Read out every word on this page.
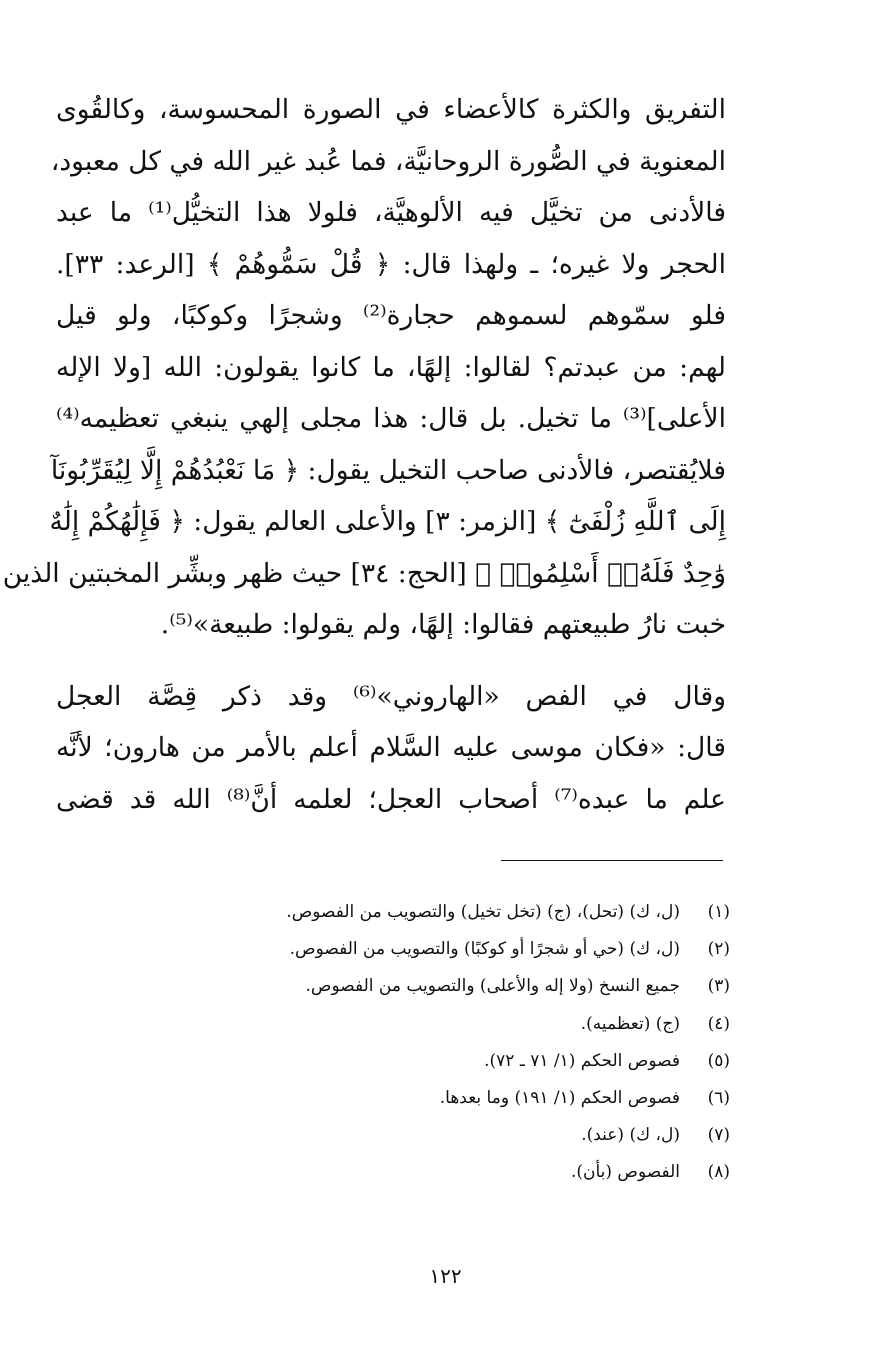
التفريق والكثرة كالأعضاء في الصورة المحسوسة، وكالقُوى
المعنوية في الصُّورة الروحانيَّة، فما عُبد غير الله في كل معبود،
فالأدنى من تخيَّل فيه الألوهيَّة، فلولا هذا التخيُّل⁽¹⁾ ما عبد
الحجر ولا غيره؛ ـ ولهذا قال: ﴿ قُلْ سَمُّوهُمْ ﴾ [الرعد: ٣٣].
فلو سمّوهم لسموهم حجارة⁽²⁾ وشجرًا وكوكبًا، ولو قيل
لهم: من عبدتم؟ لقالوا: إلهًا، ما كانوا يقولون: الله [ولا الإله
الأعلى]⁽³⁾ ما تخيل. بل قال: هذا مجلى إلهي ينبغي تعظيمه⁽⁴⁾
فلايُقتصر، فالأدنى صاحب التخيل يقول: ﴿ مَا نَعْبُدُهُمْ إِلَّا لِيُقَرِّبُونَآ
إِلَى ٱللَّهِ زُلْفَىٰٓ ﴾ [الزمر: ٣] والأعلى العالم يقول: ﴿ فَإِلَٰهُكُمْ إِلَٰهٌ
وَٰحِدٌ فَلَهُۥٓ أَسْلِمُوا۟ ﴾ [الحج: ٣٤] حيث ظهر وبشِّر المخبتين الذين
خبت نارُ طبيعتهم فقالوا: إلهًا، ولم يقولوا: طبيعة»⁽⁵⁾.
وقال في الفص «الهاروني»⁽⁶⁾ وقد ذكر قِصَّة العجل
قال: «فكان موسى عليه السَّلام أعلم بالأمر من هارون؛ لأنَّه
علم ما عبده⁽⁷⁾ أصحاب العجل؛ لعلمه أنَّ⁽⁸⁾ الله قد قضى
(١)
(ل، ك) (تحل)، (ج) (تخل تخيل) والتصويب من الفصوص.
(٢)
(ل، ك) (حي أو شجرًا أو كوكبًا) والتصويب من الفصوص.
(٣)
جميع النسخ (ولا إله والأعلى) والتصويب من الفصوص.
(٤)
(ج) (تعظميه).
(٥)
فصوص الحكم (١/ ٧١ ـ ٧٢).
(٦)
فصوص الحكم (١/ ١٩١) وما بعدها.
(٧)
(ل، ك) (عند).
(٨)
الفصوص (بأن).
١٢٢
